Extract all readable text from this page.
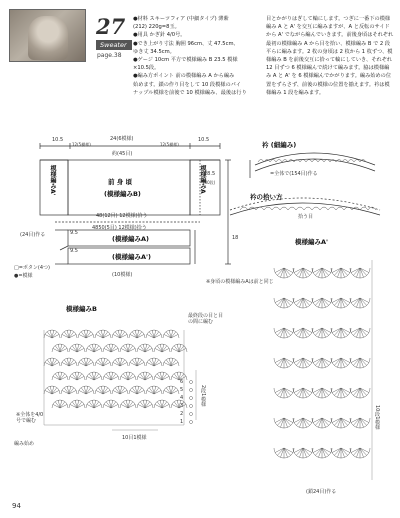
27
Sweater
page.38
●材料 スキーツフィア (中細タイプ) 薄紫
(212) 220g=8玉。
●用具 かぎ針 4/0号。
●でき上がり寸法 胸囲 96cm、丈 47.5cm、
ゆき丈 34.5cm。
●ゲージ 10cm 平方で模様編み B 23.5 模様
×10.5段。
●編み方ポイント 前の模様編み A から編み
始めます。鎖の作り目をして 10 段模様のパイ
ナップル模様を前後で 10 模様編み、最後は行り
目とかがりはぎして輪にします。つぎに一番下の模様編み A と A' を交互に編みますが、A と反転のサイドから A' でながら編んでいきます。前後身頃はそれぞれ最初の模様編み A から目を拾い、模様編み B で 2 段平らに編みます。2 枚の身頃は 2 枚から 1 枚ずつ、模様編み B を前後交互に拾って輪にしていき、それぞれ 12 目ずつ 6 模様編んで続けて編みます。脇は模様編み A と A' を 6 模様編んでかがります。編み始めの位置をずらさず、前後の模様の位置を揃えます。衿は模様編み 1 段を編みます。
10.5	24(6模様)	10.5
約(45目)
12(5模様)	12(5模様)
前 身 頃
(模様編みB)
模様編みA'	模様編みA
28.5
(30段)
18
48(12目) 12模様)拾う
4850(5目) 12模様)拾う
(24目)作る	9.5
9.5
(模様編みA)
(模様編みA')
(10模様)
□=ボタン(4つ)
●=模様
※身頃の模様編みAは前と同じ
衿 (細編み)
=全体で(154目)作る
衿の拾い方
拾う目
模様編みB
最終段の目と目の間に編む
6
5
4
3
2
1
2段1模様
編み始め
10目1模様
※全体を4/0号で編む
模様編みA'
10段1模様
(鎖24目)作る
94
